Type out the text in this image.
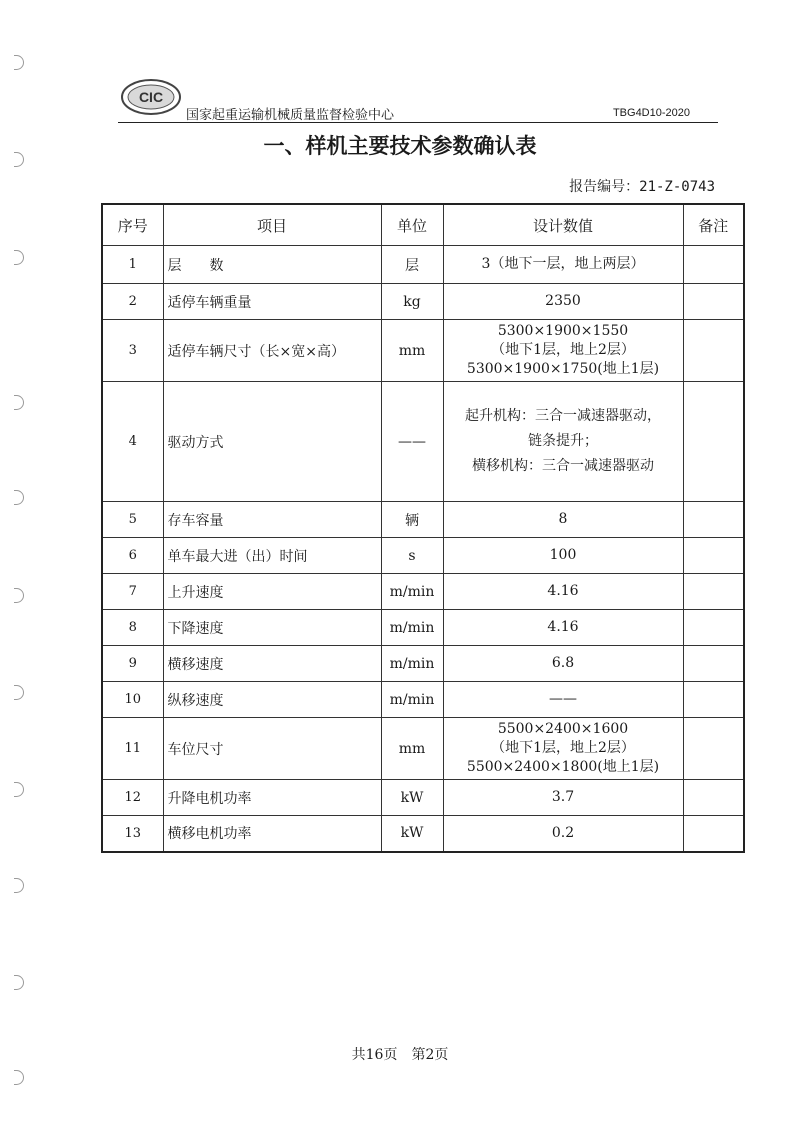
CIC
国家起重运输机械质量监督检验中心	TBG4D10-2020
一、样机主要技术参数确认表
报告编号：21-Z-0743
序号	项目	单位	设计数值	备注
1	层　　数	层	3（地下一层，地上两层）	

2	适停车辆重量	kg	2350	

3	适停车辆尺寸（长×宽×高）	mm	5300×1900×1550
（地下1层，地上2层）
5300×1900×1750(地上1层)	

4	驱动方式	——	起升机构：三合一减速器驱动，
链条提升；
横移机构：三合一减速器驱动	

5	存车容量	辆	8	

6	单车最大进（出）时间	s	100	

7	上升速度	m/min	4.16	

8	下降速度	m/min	4.16	

9	横移速度	m/min	6.8	

10	纵移速度	m/min	——	

11	车位尺寸	mm	5500×2400×1600
（地下1层，地上2层）
5500×2400×1800(地上1层)	

12	升降电机功率	kW	3.7	

13	横移电机功率	kW	0.2	

共16页　第2页
